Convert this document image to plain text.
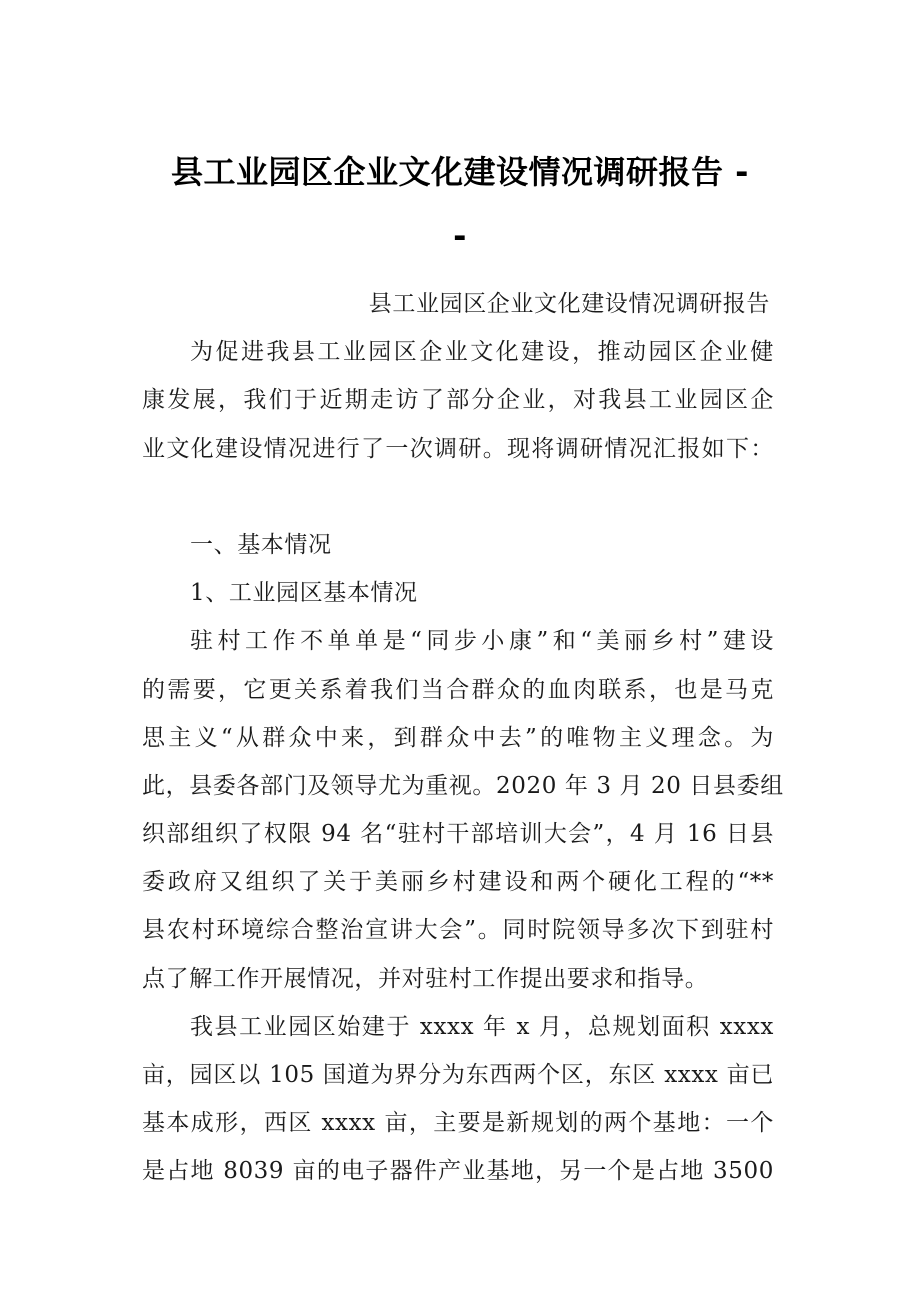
县工业园区企业文化建设情况调研报告 -
-
县工业园区企业文化建设情况调研报告
为促进我县工业园区企业文化建设，推动园区企业健
康发展，我们于近期走访了部分企业，对我县工业园区企
业文化建设情况进行了一次调研。现将调研情况汇报如下：
一、基本情况
1、工业园区基本情况
驻村工作不单单是“同步小康”和“美丽乡村”建设
的需要，它更关系着我们当合群众的血肉联系，也是马克
思主义“从群众中来，到群众中去”的唯物主义理念。为
此，县委各部门及领导尤为重视。2020 年 3 月 20 日县委组
织部组织了权限 94 名“驻村干部培训大会”，4 月 16 日县
委政府又组织了关于美丽乡村建设和两个硬化工程的“**
县农村环境综合整治宣讲大会”。同时院领导多次下到驻村
点了解工作开展情况，并对驻村工作提出要求和指导。
我县工业园区始建于 xxxx 年 x 月，总规划面积 xxxx
亩，园区以 105 国道为界分为东西两个区，东区 xxxx 亩已
基本成形，西区 xxxx 亩，主要是新规划的两个基地：一个
是占地 8039 亩的电子器件产业基地，另一个是占地 3500
